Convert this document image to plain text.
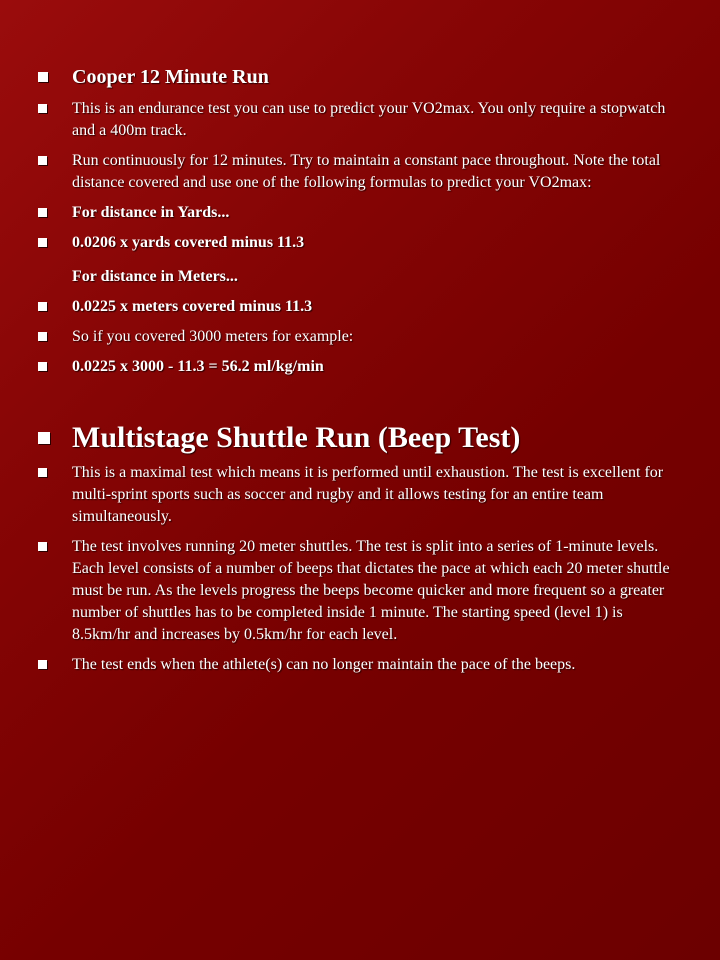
Cooper 12 Minute Run
This is an endurance test you can use to predict your VO2max. You only require a stopwatch and a 400m track.
Run continuously for 12 minutes. Try to maintain a constant pace throughout. Note the total distance covered and use one of the following formulas to predict your VO2max:
For distance in Yards...
0.0206 x yards covered minus 11.3
For distance in Meters...
0.0225 x meters covered minus 11.3
So if you covered 3000 meters for example:
0.0225 x 3000 - 11.3 = 56.2 ml/kg/min
Multistage Shuttle Run (Beep Test)
This is a maximal test which means it is performed until exhaustion. The test is excellent for multi-sprint sports such as soccer and rugby and it allows testing for an entire team simultaneously.
The test involves running 20 meter shuttles. The test is split into a series of 1-minute levels. Each level consists of a number of beeps that dictates the pace at which each 20 meter shuttle must be run. As the levels progress the beeps become quicker and more frequent so a greater number of shuttles has to be completed inside 1 minute. The starting speed (level 1) is 8.5km/hr and increases by 0.5km/hr for each level.
The test ends when the athlete(s) can no longer maintain the pace of the beeps.
